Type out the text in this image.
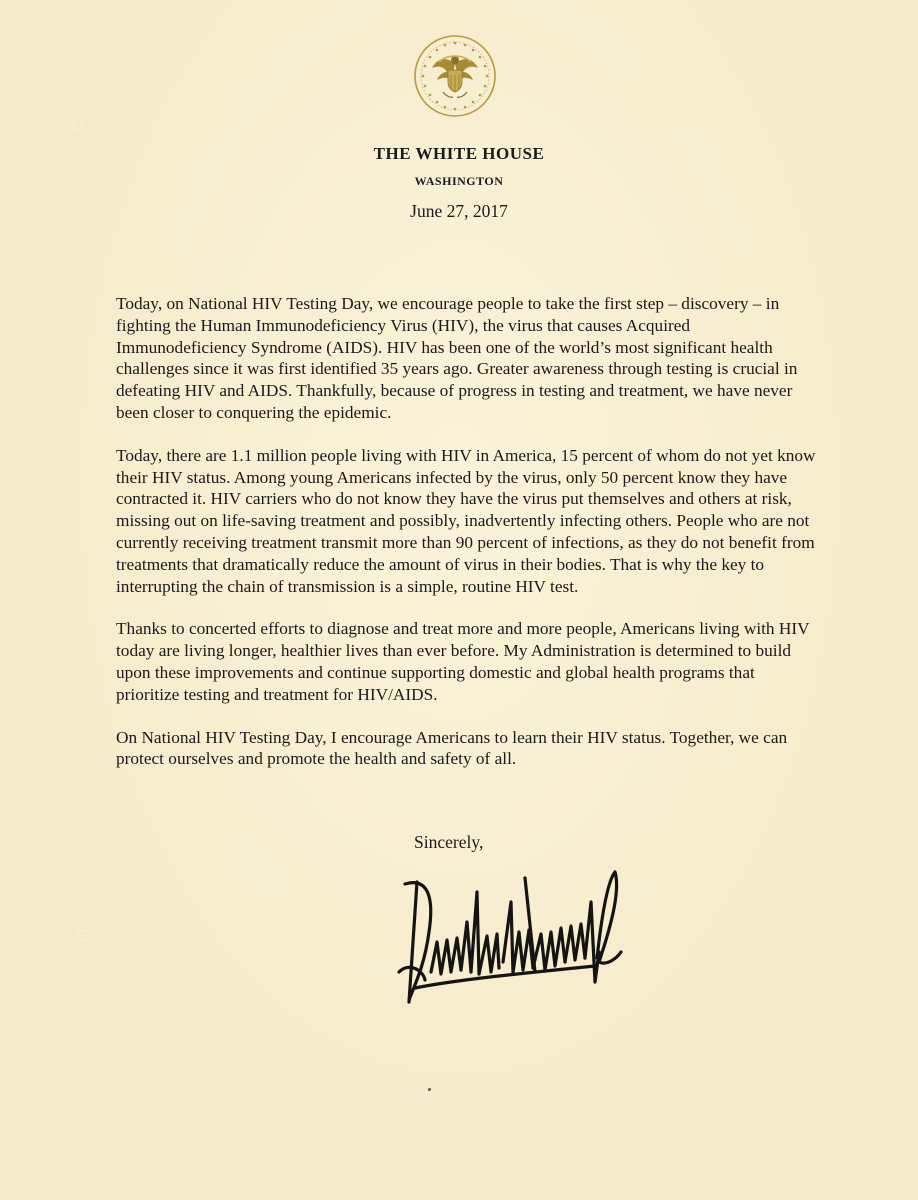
○
○
THE WHITE HOUSE
WASHINGTON
June 27, 2017

Today, on National HIV Testing Day, we encourage people to take the first step – discovery – in fighting the Human Immunodeficiency Virus (HIV), the virus that causes Acquired Immunodeficiency Syndrome (AIDS). HIV has been one of the world’s most significant health challenges since it was first identified 35 years ago. Greater awareness through testing is crucial in defeating HIV and AIDS. Thankfully, because of progress in testing and treatment, we have never been closer to conquering the epidemic.

Today, there are 1.1 million people living with HIV in America, 15 percent of whom do not yet know their HIV status. Among young Americans infected by the virus, only 50 percent know they have contracted it. HIV carriers who do not know they have the virus put themselves and others at risk, missing out on life-saving treatment and possibly, inadvertently infecting others. People who are not currently receiving treatment transmit more than 90 percent of infections, as they do not benefit from treatments that dramatically reduce the amount of virus in their bodies. That is why the key to interrupting the chain of transmission is a simple, routine HIV test.

Thanks to concerted efforts to diagnose and treat more and more people, Americans living with HIV today are living longer, healthier lives than ever before. My Administration is determined to build upon these improvements and continue supporting domestic and global health programs that prioritize testing and treatment for HIV/AIDS.

On National HIV Testing Day, I encourage Americans to learn their HIV status. Together, we can protect ourselves and promote the health and safety of all.

Sincerely,
